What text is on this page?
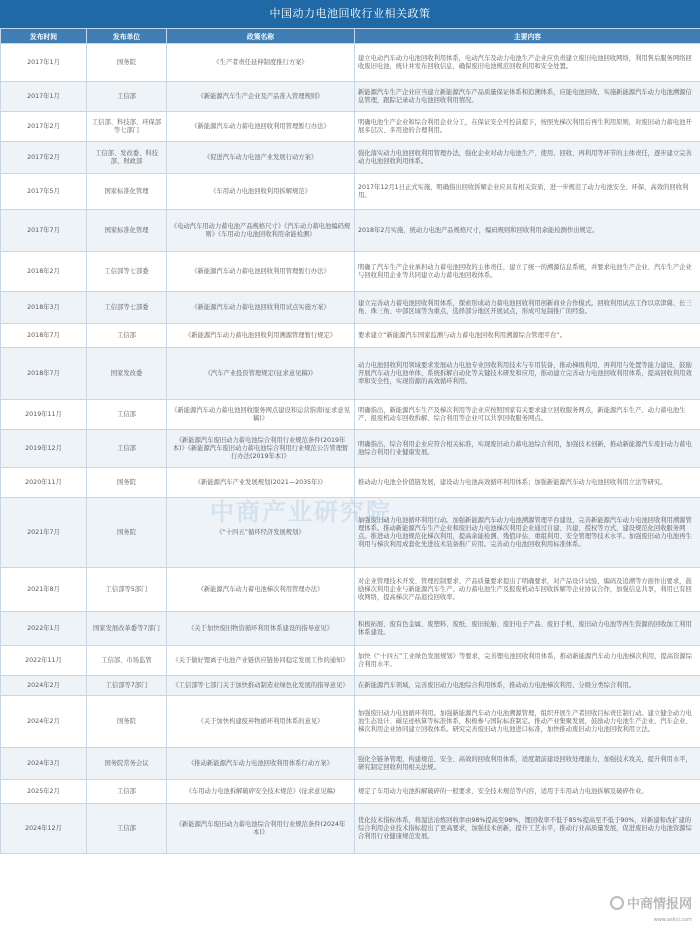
中国动力电池回收行业相关政策
发布时间	发布单位	政策名称	主要内容
2017年1月	国务院	《生产者责任延伸制度推行方案》	建立电动汽车动力电池回收利用体系，电动汽车及动力电池生产企业应负责建立废旧电池回收网络，利用售后服务网络回收废旧电池，统计并发布回收信息，确保废旧电池规范回收利用和安全处置。
2017年1月	工信部	《新能源汽车生产企业及产品准入管理规则》	新能源汽车生产企业应当建立新能源汽车产品质量保证体系和追溯体系，应能电池回收、实施新能源汽车动力电池溯源信息管理，跟踪记录动力电池回收利用情况。
2017年2月	工信部、科技部、环保部等七部门	《新能源汽车动力蓄电池回收利用管理暂行办法》	明确电池生产企业和综合利用企业分工，在保证安全可控前提下，按照先梯次利用后再生利用原则，对废旧动力蓄电池开展多层次、多用途的合理利用。
2017年2月	工信部、发改委、科技部、财政部	《促进汽车动力电池产业发展行动方案》	强化落实动力电池回收利用管理办法，强化企业对动力电池生产、使用、回收、再利用等环节的主体责任，逐步建立完善动力电池回收利用体系。
2017年5月	国家标准化管理	《车用动力电池回收利用拆解规范》	2017年12月1日正式实施，明确指出回收拆解企业应具有相关资质，进一步规范了动力电池安全、环保、高效的回收利用。
2017年7月	国家标准化管理	《电动汽车用动力蓄电池产品规格尺寸》《汽车动力蓄电池编码规则》《车用动力电池回收利用余能检测》	2018年2月实施，统动力电池产品规格尺寸，编码规则和回收利用余能检测作出规定。
2018年2月	工信部等七部委	《新能源汽车动力蓄电池回收利用管理暂行办法》	明确了汽车生产企业承担动力蓄电池回收的主体责任，建立了统一的溯源信息系统，并要求电池生产企业、汽车生产企业与回收利用企业等共同建立动力蓄电池回收体系。
2018年3月	工信部等七部委	《新能源汽车动力蓄电池回收利用试点实施方案》	建立完善动力蓄电池回收利用体系，探索形成动力蓄电池回收利用创新商业合作模式。回收利用试点工作以京津冀、长三角、珠三角、中部区域等为重点，选择部分地区开展试点，形成可复制推广的经验。
2018年7月	工信部	《新能源汽车动力蓄电池回收利用溯源管理暂行规定》	要求建立“新能源汽车国家监测与动力蓄电池回收利用溯源综合管理平台”。
2018年7月	国家发改委	《汽车产业投资管理规定(征求意见稿)》	动力电池回收利用领域要求发展动力电池专业回收利用技术与专用装备，推动梯级利用、再利用与处置等能力建设，鼓励开展汽车动力电池单体、系统拆解自动化等关键技术研发和应用，推动建立完善动力电池回收利用体系，提高回收利用效率和安全性，实现资源的高效循环利用。
2019年11月	工信部	《新能源汽车动力蓄电池回收服务网点建设和运营指南(征求意见稿)》	明确指出，新能源汽车生产及梯次利用等企业应按照国家有关要求建立回收服务网点，新能源汽车生产、动力蓄电池生产、报废机动车回收拆解、综合利用等企业可以共享回收服务网点。
2019年12月	工信部	《新能源汽车废旧动力蓄电池综合利用行业规范条件(2019年本)》《新能源汽车废旧动力蓄电池综合利用行业规范公告管理暂行办法(2019年本)》	明确指出，综合利用企业应符合相关标准，实现废旧动力蓄电池综合利用，加强技术创新，推动新能源汽车废旧动力蓄电池综合利用行业健康发展。
2020年11月	国务院	《新能源汽车产业发展规划(2021—2035年)》	推动动力电池全价值链发展，建设动力电池高效循环利用体系；加强新能源汽车动力电池回收利用立法等研究。
2021年7月	国务院	《“十四五”循环经济发展规划》	加强废旧动力电池循环利用行动。加强新能源汽车动力电池溯源管理平台建设，完善新能源汽车动力电池回收利用溯源管理体系。推动新能源汽车生产企业和废旧动力电池梯次利用企业通过自建、共建、授权等方式，建设规范化回收服务网点。推进动力电池规范化梯次利用，提高余能检测、残值评估、重组利用、安全管理等技术水平。加强废旧动力电池再生利用与梯次利用成套化先进技术装备推广应用。完善动力电池回收利用标准体系。
2021年8月	工信部等5部门	《新能源汽车动力蓄电池梯次利用管理办法》	对企业管理技术开发、管理控制要求、产品质量要求提出了明确要求，对产品设计试验、编码及追溯等方面作出要求，鼓励梯次利用企业与新能源汽车生产、动力蓄电池生产及报废机动车回收拆解等企业协议合作，加强信息共享，利用已有回收网络，提高梯次产品退役回收率。
2022年1月	国家发展改革委等7部门	《关于加快废旧物资循环利用体系建设的指导意见》	积极拓展、废有色金属、废塑料、废纸、废旧轮胎、废旧电子产品、废旧手机、废旧动力电池等再生资源的回收加工利用体系建设。
2022年11月	工信部、市场监管	《关于做好锂离子电池产业链供应链协同稳定发展工作的通知》	加快《“十四五”工业绿色发展规划》等要求，完善锂电池回收利用体系，推动新能源汽车动力电池梯次利用，提高资源综合利用水平。
2024年2月	工信部等7部门	《工信部等七部门关于加快推动制造业绿色化发展的指导意见》	在新能源汽车领域，完善废旧动力电池综合利用体系，推动动力电池梯次利用、分级分类综合利用。
2024年2月	国务院	《关于加快构建废弃物循环利用体系的意见》	加强废旧动力电池循环利用。加强新能源汽车动力电池溯源管理，组织开展生产者回收目标责任制行动。建立健全动力电池生态设计、碳足迹核算等标准体系，积极参与国际标准制定。推动产业集聚发展，鼓励动力电池生产企业、汽车企业、梯次利用企业协同建立回收体系。研究完善废旧动力电池进口标准，加快推动废旧动力电池回收利用立法。
2024年3月	国务院常务会议	《推动新能源汽车动力电池回收利用体系行动方案》	强化全链条管理，构建规范、安全、高效的回收利用体系，适度超前建设回收处理能力，加强技术攻关，提升利用水平，研究制定回收利用相关法规。
2025年2月	工信部	《车用动力电池拆解破碎安全技术规范》(征求意见稿)	规定了车用动力电池拆解破碎的一般要求、安全技术规范等内容，适用于车用动力电池拆解及破碎作业。
2024年12月	工信部	《新能源汽车废旧动力蓄电池综合利用行业规范条件(2024年本)》	优化技术指标体系，将湿法冶炼回收率由98%提高至98%，锂回收率不低于85%提高至不低于90%，对新建和改扩建的综合利用企业技术指标提出了更高要求，加强技术创新，提升工艺水平，推动行业高质量发展，促进废旧动力电池资源综合利用行业健康规范发展。
中商情报网
www.askci.com
